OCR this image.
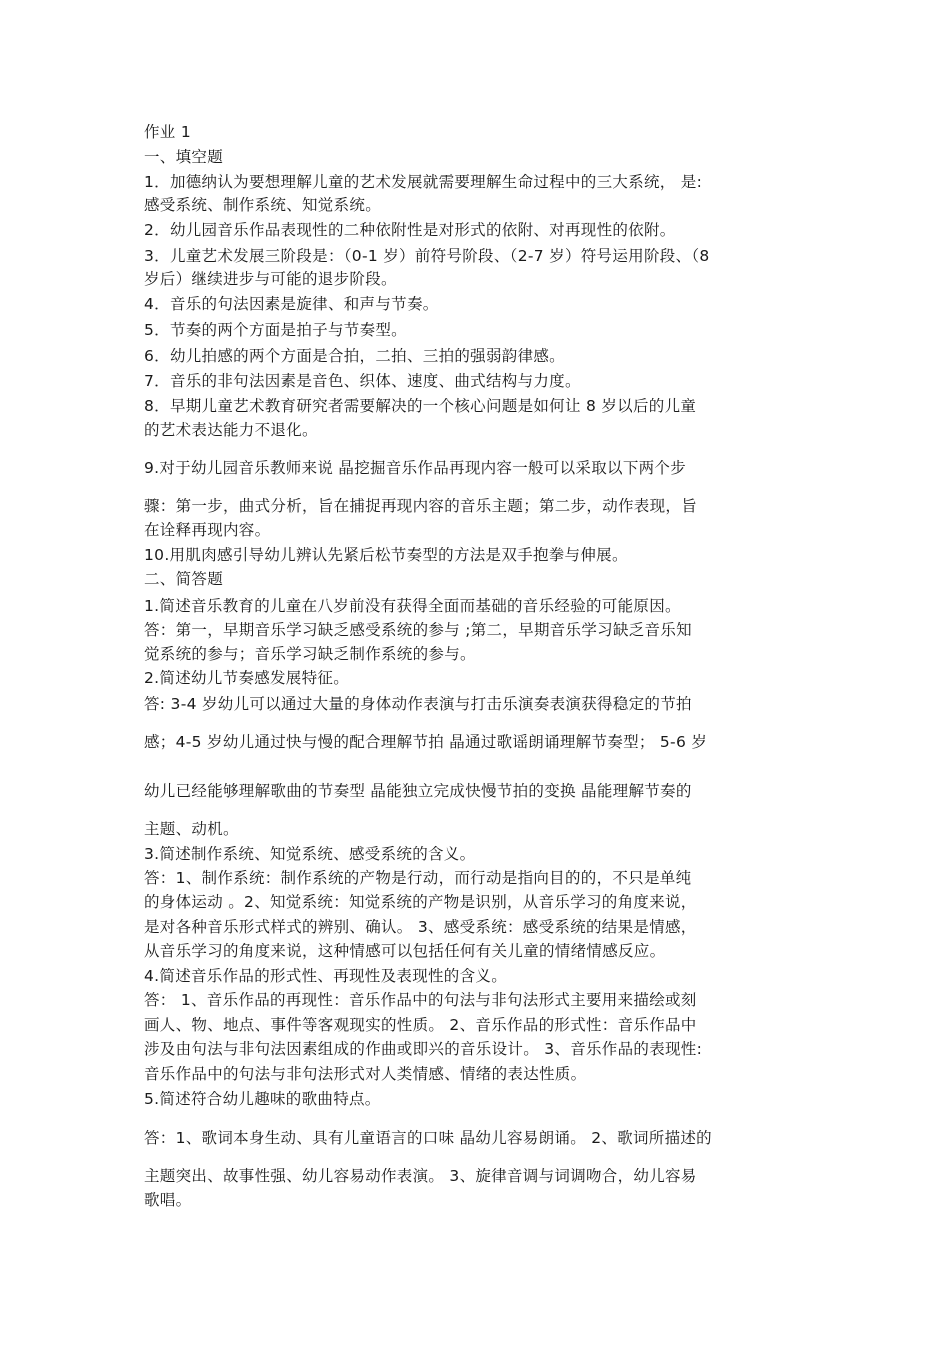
作业 1
一、填空题
1．加德纳认为要想理解儿童的艺术发展就需要理解生命过程中的三大系统， 是:
感受系统、制作系统、知觉系统。
2．幼儿园音乐作品表现性的二种依附性是对形式的依附、对再现性的依附。
3．儿童艺术发展三阶段是：（0-1 岁）前符号阶段、（2-7 岁）符号运用阶段、（8
岁后）继续进步与可能的退步阶段。
4．音乐的句法因素是旋律、和声与节奏。
5．节奏的两个方面是拍子与节奏型。
6．幼儿拍感的两个方面是合拍，二拍、三拍的强弱韵律感。
7．音乐的非句法因素是音色、织体、速度、曲式结构与力度。
8．早期儿童艺术教育研究者需要解决的一个核心问题是如何让 8 岁以后的儿童
的艺术表达能力不退化。
9.对于幼儿园音乐教师来说 晶挖掘音乐作品再现内容一般可以采取以下两个步
骤：第一步，曲式分析，旨在捕捉再现内容的音乐主题；第二步，动作表现，旨
在诠释再现内容。
10.用肌肉感引导幼儿辨认先紧后松节奏型的方法是双手抱拳与伸展。
二、简答题
1.简述音乐教育的儿童在八岁前没有获得全面而基础的音乐经验的可能原因。
答：第一，早期音乐学习缺乏感受系统的参与 ;第二，早期音乐学习缺乏音乐知
觉系统的参与；音乐学习缺乏制作系统的参与。
2.简述幼儿节奏感发展特征。
答: 3-4 岁幼儿可以通过大量的身体动作表演与打击乐演奏表演获得稳定的节拍
感；4-5 岁幼儿通过快与慢的配合理解节拍 晶通过歌谣朗诵理解节奏型； 5-6 岁
幼儿已经能够理解歌曲的节奏型 晶能独立完成快慢节拍的变换 晶能理解节奏的
主题、动机。
3.简述制作系统、知觉系统、感受系统的含义。
答：1、制作系统：制作系统的产物是行动，而行动是指向目的的，不只是单纯
的身体运动 。2、知觉系统：知觉系统的产物是识别，从音乐学习的角度来说，
是对各种音乐形式样式的辨别、确认。 3、感受系统：感受系统的结果是情感，
从音乐学习的角度来说，这种情感可以包括任何有关儿童的情绪情感反应。
4.简述音乐作品的形式性、再现性及表现性的含义。
答： 1、音乐作品的再现性：音乐作品中的句法与非句法形式主要用来描绘或刻
画人、物、地点、事件等客观现实的性质。 2、音乐作品的形式性：音乐作品中
涉及由句法与非句法因素组成的作曲或即兴的音乐设计。 3、音乐作品的表现性:
音乐作品中的句法与非句法形式对人类情感、情绪的表达性质。
5.简述符合幼儿趣味的歌曲特点。
答：1、歌词本身生动、具有儿童语言的口味 晶幼儿容易朗诵。 2、歌词所描述的
主题突出、故事性强、幼儿容易动作表演。 3、旋律音调与词调吻合，幼儿容易
歌唱。
